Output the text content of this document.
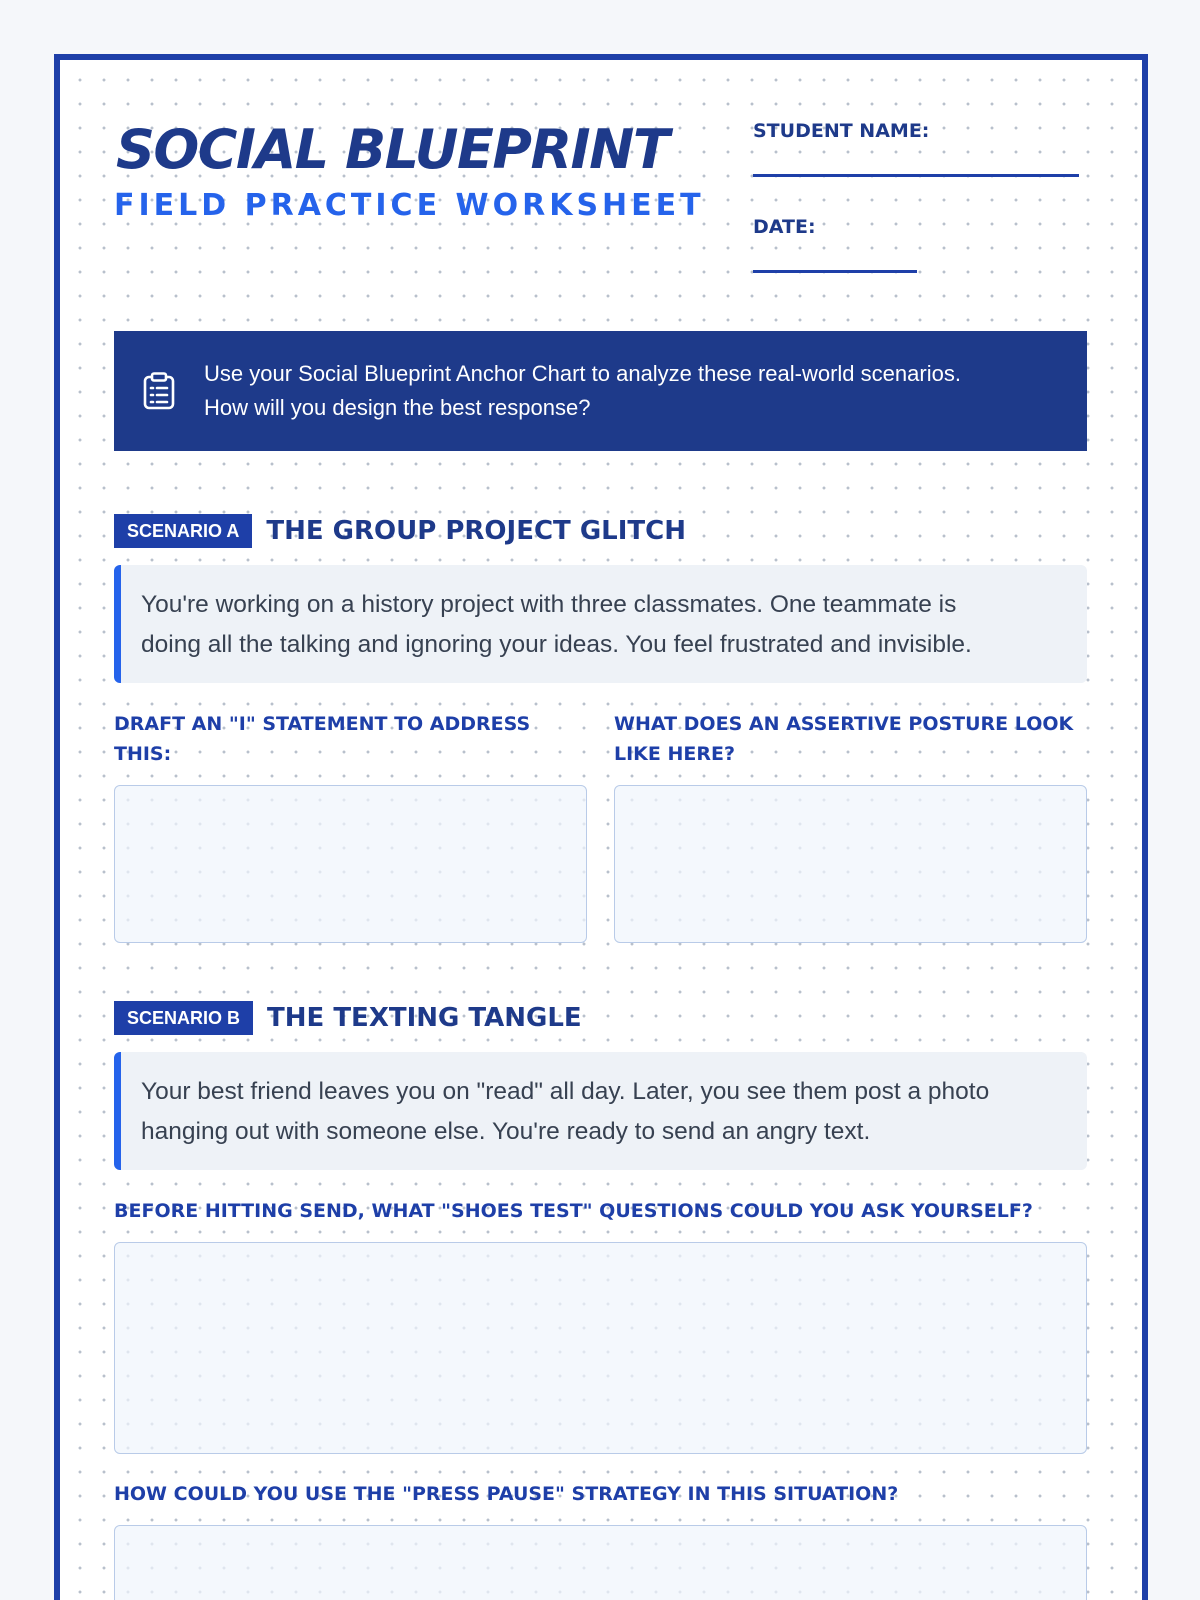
SOCIAL BLUEPRINT
FIELD PRACTICE WORKSHEET
STUDENT NAME:
DATE:
Use your Social Blueprint Anchor Chart to analyze these real-world scenarios.
How will you design the best response?
SCENARIO A	THE GROUP PROJECT GLITCH
You're working on a history project with three classmates. One teammate is
doing all the talking and ignoring your ideas. You feel frustrated and invisible.
DRAFT AN "I" STATEMENT TO ADDRESS THIS:
WHAT DOES AN ASSERTIVE POSTURE LOOK LIKE HERE?
SCENARIO B	THE TEXTING TANGLE
Your best friend leaves you on "read" all day. Later, you see them post a photo
hanging out with someone else. You're ready to send an angry text.
BEFORE HITTING SEND, WHAT "SHOES TEST" QUESTIONS COULD YOU ASK YOURSELF?
HOW COULD YOU USE THE "PRESS PAUSE" STRATEGY IN THIS SITUATION?
